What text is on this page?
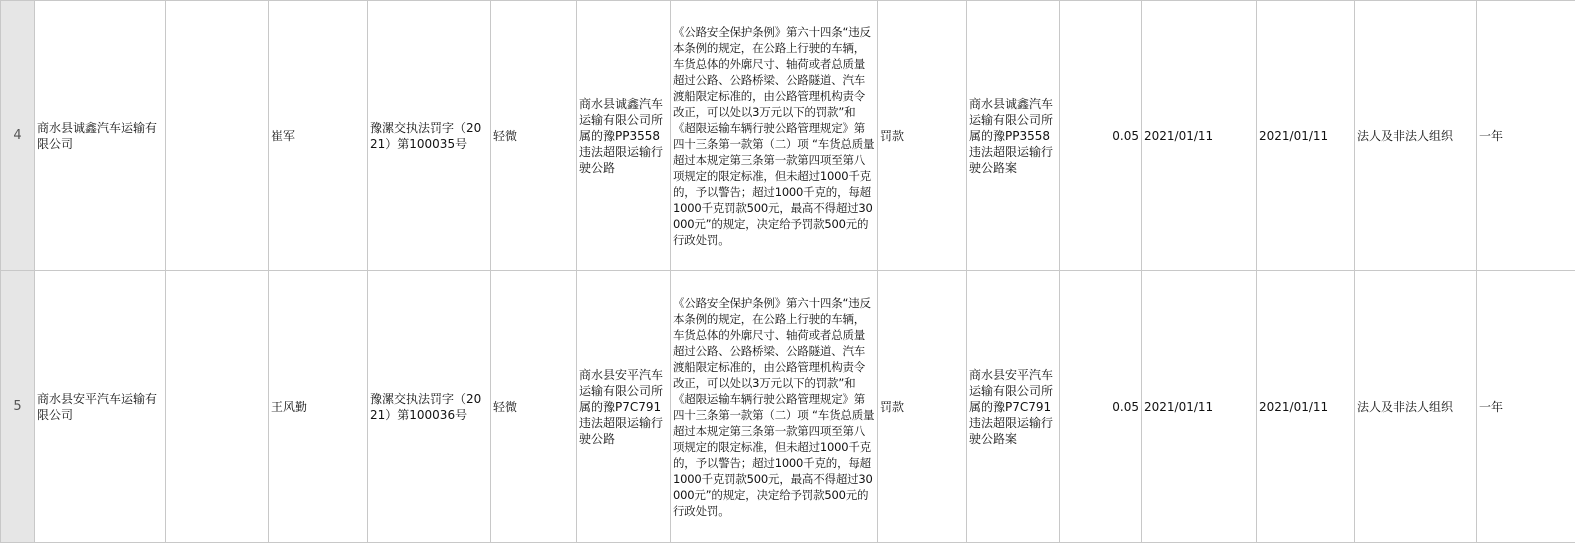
4	商水县诚鑫汽车运输有限公司		崔军	豫漯交执法罚字（2021）第100035号	轻微	商水县诚鑫汽车运输有限公司所属的豫PP3558违法超限运输行驶公路	《公路安全保护条例》第六十四条“违反本条例的规定，在公路上行驶的车辆，车货总体的外廓尺寸、轴荷或者总质量超过公路、公路桥梁、公路隧道、汽车渡船限定标准的，由公路管理机构责令改正，可以处以3万元以下的罚款”和《超限运输车辆行驶公路管理规定》第四十三条第一款第（二）项 “车货总质量超过本规定第三条第一款第四项至第八项规定的限定标准，但未超过1000千克的，予以警告；超过1000千克的，每超1000千克罚款500元，最高不得超过30000元”的规定，决定给予罚款500元的行政处罚。	罚款	商水县诚鑫汽车运输有限公司所属的豫PP3558违法超限运输行驶公路案	0.05	2021/01/11	2021/01/11	法人及非法人组织	一年
5	商水县安平汽车运输有限公司		王风勤	豫漯交执法罚字（2021）第100036号	轻微	商水县安平汽车运输有限公司所属的豫P7C791违法超限运输行驶公路	《公路安全保护条例》第六十四条“违反本条例的规定，在公路上行驶的车辆，车货总体的外廓尺寸、轴荷或者总质量超过公路、公路桥梁、公路隧道、汽车渡船限定标准的，由公路管理机构责令改正，可以处以3万元以下的罚款”和《超限运输车辆行驶公路管理规定》第四十三条第一款第（二）项 “车货总质量超过本规定第三条第一款第四项至第八项规定的限定标准，但未超过1000千克的，予以警告；超过1000千克的，每超1000千克罚款500元，最高不得超过30000元”的规定，决定给予罚款500元的行政处罚。	罚款	商水县安平汽车运输有限公司所属的豫P7C791违法超限运输行驶公路案	0.05	2021/01/11	2021/01/11	法人及非法人组织	一年
